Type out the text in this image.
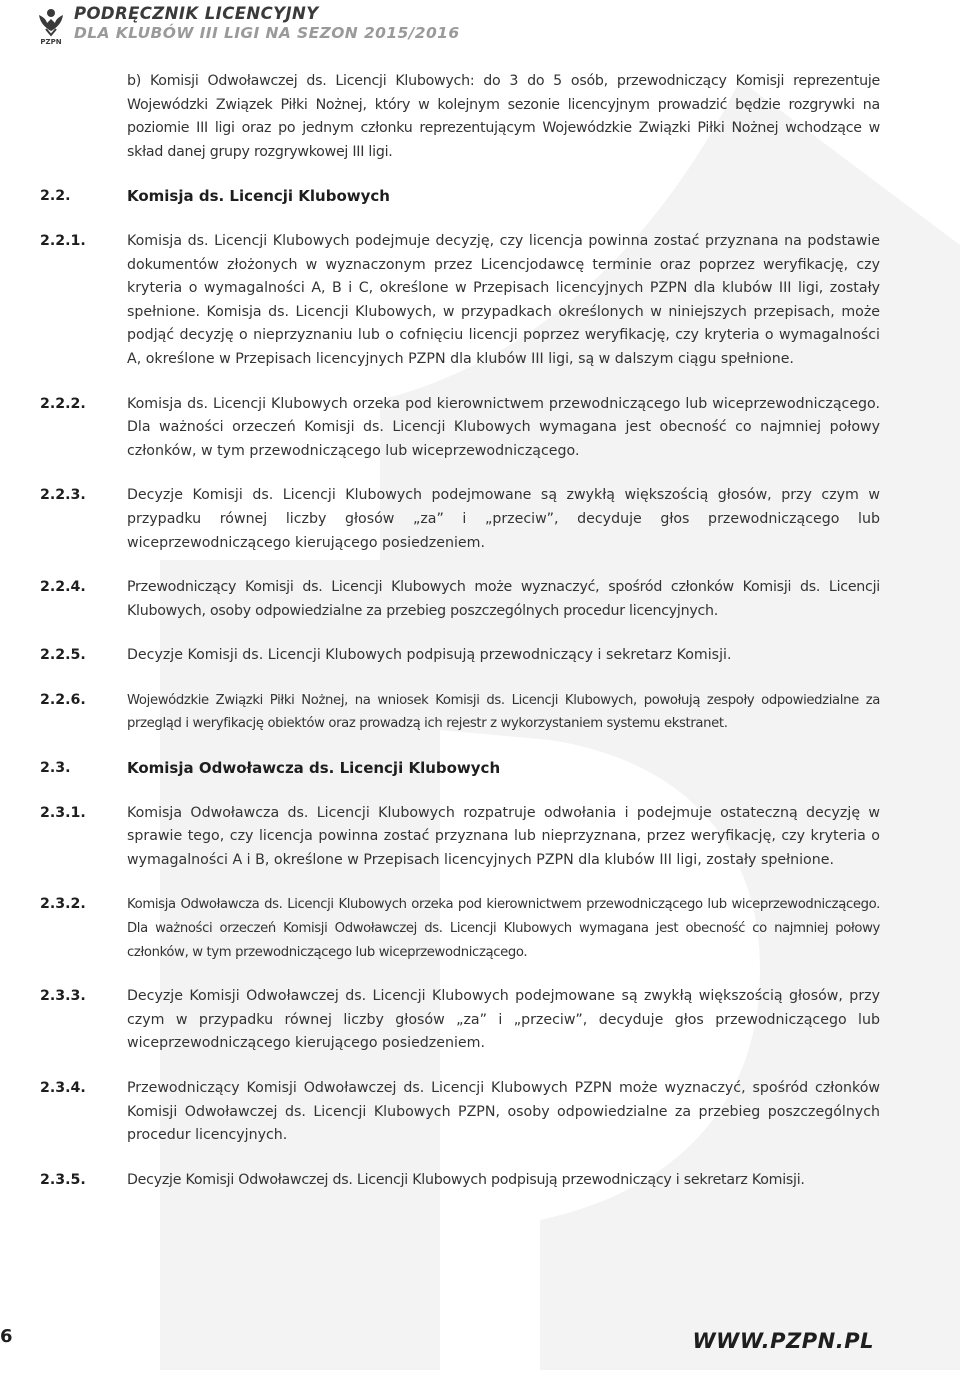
PZPN
PODRĘCZNIK LICENCYJNY
DLA KLUBÓW III LIGI NA SEZON 2015/2016

b) Komisji Odwoławczej ds. Licencji Klubowych: do 3 do 5 osób, przewodniczący Komisji reprezentuje Wojewódzki Związek Piłki Nożnej, który w kolejnym sezonie licencyjnym prowadzić będzie rozgrywki na poziomie III ligi oraz po jednym członku reprezentującym Wojewódzkie Związki Piłki Nożnej wchodzące w skład danej grupy rozgrywkowej III ligi.

2.2.	Komisja ds. Licencji Klubowych
2.2.1.	Komisja ds. Licencji Klubowych podejmuje decyzję, czy licencja powinna zostać przyznana na podstawie dokumentów złożonych w wyznaczonym przez Licencjodawcę terminie oraz poprzez weryfikację, czy kryteria o wymagalności A, B i C, określone w Przepisach licencyjnych PZPN dla klubów III ligi, zostały spełnione. Komisja ds. Licencji Klubowych, w przypadkach określonych w niniejszych przepisach, może podjąć decyzję o nieprzyznaniu lub o cofnięciu licencji poprzez weryfikację, czy kryteria o wymagalności A, określone w Przepisach licencyjnych PZPN dla klubów III ligi, są w dalszym ciągu spełnione.
2.2.2.	Komisja ds. Licencji Klubowych orzeka pod kierownictwem przewodniczącego lub wiceprzewodniczącego. Dla ważności orzeczeń Komisji ds. Licencji Klubowych wymagana jest obecność co najmniej połowy członków, w tym przewodniczącego lub wiceprzewodniczącego.
2.2.3.	Decyzje Komisji ds. Licencji Klubowych podejmowane są zwykłą większością głosów, przy czym w przypadku równej liczby głosów „za” i „przeciw”, decyduje głos przewodniczącego lub wiceprzewodniczącego kierującego posiedzeniem.
2.2.4.	Przewodniczący Komisji ds. Licencji Klubowych może wyznaczyć, spośród członków Komisji ds. Licencji Klubowych, osoby odpowiedzialne za przebieg poszczególnych procedur licencyjnych.
2.2.5.	Decyzje Komisji ds. Licencji Klubowych podpisują przewodniczący i sekretarz Komisji.
2.2.6.	Wojewódzkie Związki Piłki Nożnej, na wniosek Komisji ds. Licencji Klubowych, powołują zespoły odpowiedzialne za przegląd i weryfikację obiektów oraz prowadzą ich rejestr z wykorzystaniem systemu ekstranet.
2.3.	Komisja Odwoławcza ds. Licencji Klubowych
2.3.1.	Komisja Odwoławcza ds. Licencji Klubowych rozpatruje odwołania i podejmuje ostateczną decyzję w sprawie tego, czy licencja powinna zostać przyznana lub nieprzyznana, przez weryfikację, czy kryteria o wymagalności A i B, określone w Przepisach licencyjnych PZPN dla klubów III ligi, zostały spełnione.
2.3.2.	Komisja Odwoławcza ds. Licencji Klubowych orzeka pod kierownictwem przewodniczącego lub wiceprzewodniczącego. Dla ważności orzeczeń Komisji Odwoławczej ds. Licencji Klubowych wymagana jest obecność co najmniej połowy członków, w tym przewodniczącego lub wiceprzewodniczącego.
2.3.3.	Decyzje Komisji Odwoławczej ds. Licencji Klubowych podejmowane są zwykłą większością głosów, przy czym w przypadku równej liczby głosów „za” i „przeciw”, decyduje głos przewodniczącego lub wiceprzewodniczącego kierującego posiedzeniem.
2.3.4.	Przewodniczący Komisji Odwoławczej ds. Licencji Klubowych PZPN może wyznaczyć, spośród członków Komisji Odwoławczej ds. Licencji Klubowych PZPN, osoby odpowiedzialne za przebieg poszczególnych procedur licencyjnych.
2.3.5.	Decyzje Komisji Odwoławczej ds. Licencji Klubowych podpisują przewodniczący i sekretarz Komisji.
6	WWW.PZPN.PL
